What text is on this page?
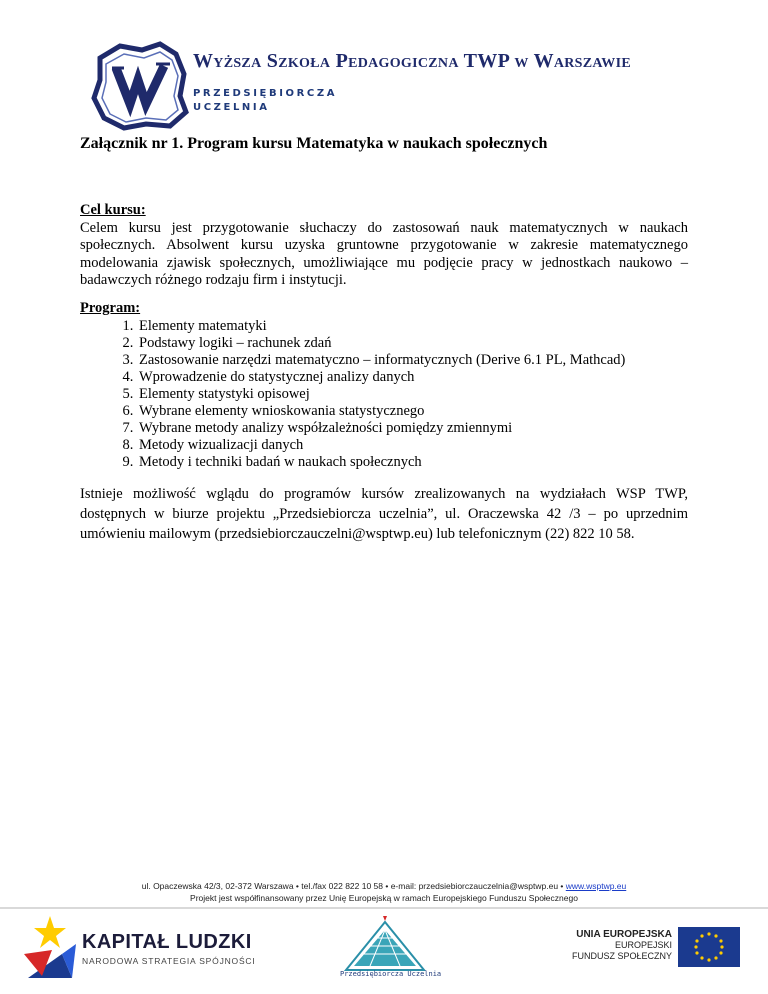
Wyższa Szkoła Pedagogiczna TWP w Warszawie
PRZEDSIĘBIORCZA
UCZELNIA
Załącznik nr 1. Program kursu Matematyka w naukach społecznych
Cel kursu:
Celem kursu jest przygotowanie słuchaczy do zastosowań nauk matematycznych w naukach społecznych. Absolwent kursu uzyska gruntowne przygotowanie w zakresie matematycznego modelowania zjawisk społecznych, umożliwiające mu podjęcie pracy w jednostkach naukowo – badawczych różnego rodzaju firm i instytucji.
Program:
1. Elementy matematyki
2. Podstawy logiki – rachunek zdań
3. Zastosowanie narzędzi matematyczno – informatycznych (Derive 6.1 PL, Mathcad)
4. Wprowadzenie do statystycznej analizy danych
5. Elementy statystyki opisowej
6. Wybrane elementy wnioskowania statystycznego
7. Wybrane metody analizy współzależności pomiędzy zmiennymi
8. Metody wizualizacji danych
9. Metody i techniki badań w naukach społecznych
Istnieje możliwość wglądu do programów kursów zrealizowanych na wydziałach WSP TWP, dostępnych w biurze projektu „Przedsiebiorcza uczelnia”, ul. Oraczewska 42 /3 – po uprzednim umówieniu mailowym (przedsiebiorczauczelni@wsptwp.eu) lub telefonicznym (22) 822 10 58.
ul. Opaczewska 42/3, 02-372 Warszawa • tel./fax 022 822 10 58 • e-mail: przedsiebiorczauczelnia@wsptwp.eu • www.wsptwp.eu
Projekt jest współfinansowany przez Unię Europejską w ramach Europejskiego Funduszu Społecznego
KAPITAŁ LUDZKI
NARODOWA STRATEGIA SPÓJNOŚCI
Przedsiębiorcza Uczelnia
UNIA EUROPEJSKA
EUROPEJSKI
FUNDUSZ SPOŁECZNY
